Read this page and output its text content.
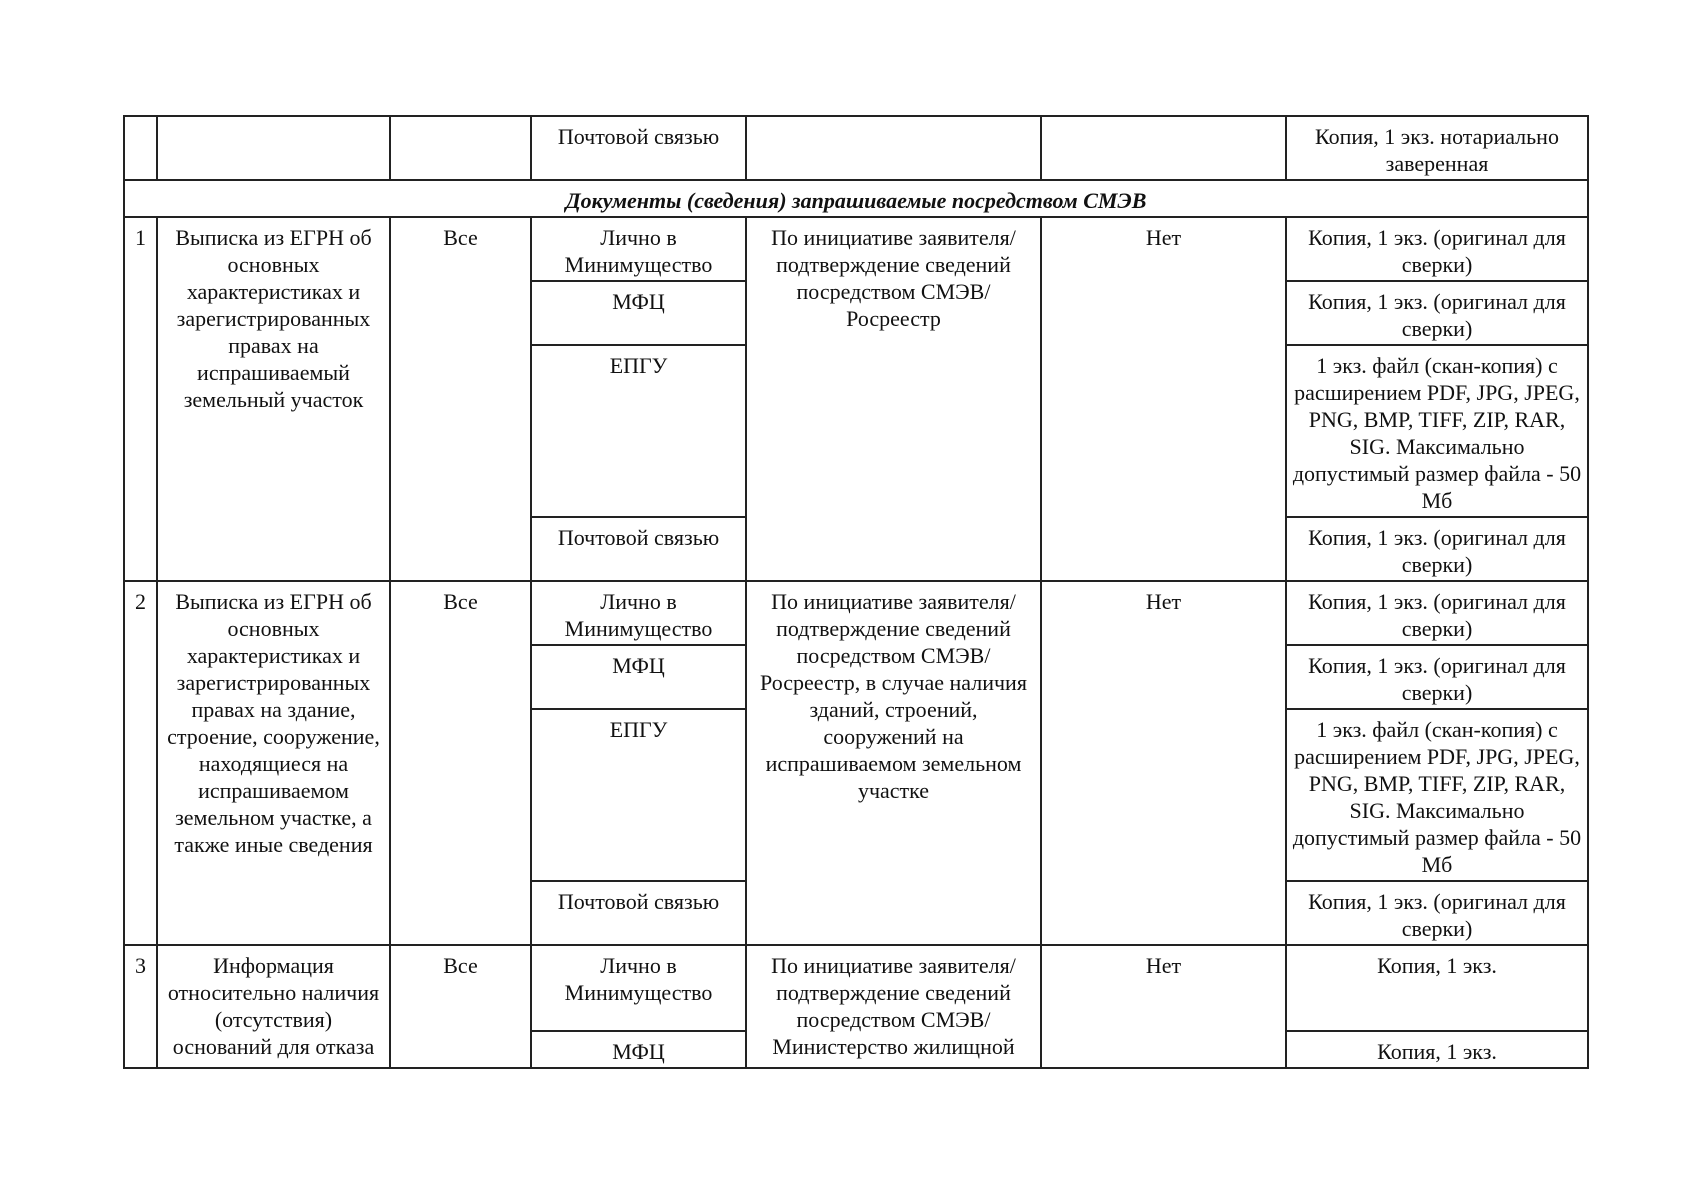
			Почтовой связью			Копия, 1 экз. нотариально заверенная
Документы (сведения) запрашиваемые посредством СМЭВ						
1	Выписка из ЕГРН об основных характеристиках и зарегистрированных правах на испрашиваемый земельный участок	Все	Лично в Минимущество	По инициативе заявителя/ подтверждение сведений посредством СМЭВ/ Росреестр	Нет	Копия, 1 экз. (оригинал для сверки)
			МФЦ			Копия, 1 экз. (оригинал для сверки)
			ЕПГУ			1 экз. файл (скан-копия) с расширением PDF, JPG, JPEG, PNG, BMP, TIFF, ZIP, RAR, SIG. Максимально допустимый размер файла - 50 Мб
			Почтовой связью			Копия, 1 экз. (оригинал для сверки)
2	Выписка из ЕГРН об основных характеристиках и зарегистрированных правах на здание, строение, сооружение, находящиеся на испрашиваемом земельном участке, а также иные сведения	Все	Лично в Минимущество	По инициативе заявителя/ подтверждение сведений посредством СМЭВ/ Росреестр, в случае наличия зданий, строений, сооружений на испрашиваемом земельном участке	Нет	Копия, 1 экз. (оригинал для сверки)
			МФЦ			Копия, 1 экз. (оригинал для сверки)
			ЕПГУ			1 экз. файл (скан-копия) с расширением PDF, JPG, JPEG, PNG, BMP, TIFF, ZIP, RAR, SIG. Максимально допустимый размер файла - 50 Мб
			Почтовой связью			Копия, 1 экз. (оригинал для сверки)
3	Информация относительно наличия (отсутствия) оснований для отказа	Все	Лично в Минимущество	По инициативе заявителя/ подтверждение сведений посредством СМЭВ/ Министерство жилищной	Нет	Копия, 1 экз.
			МФЦ			Копия, 1 экз.
